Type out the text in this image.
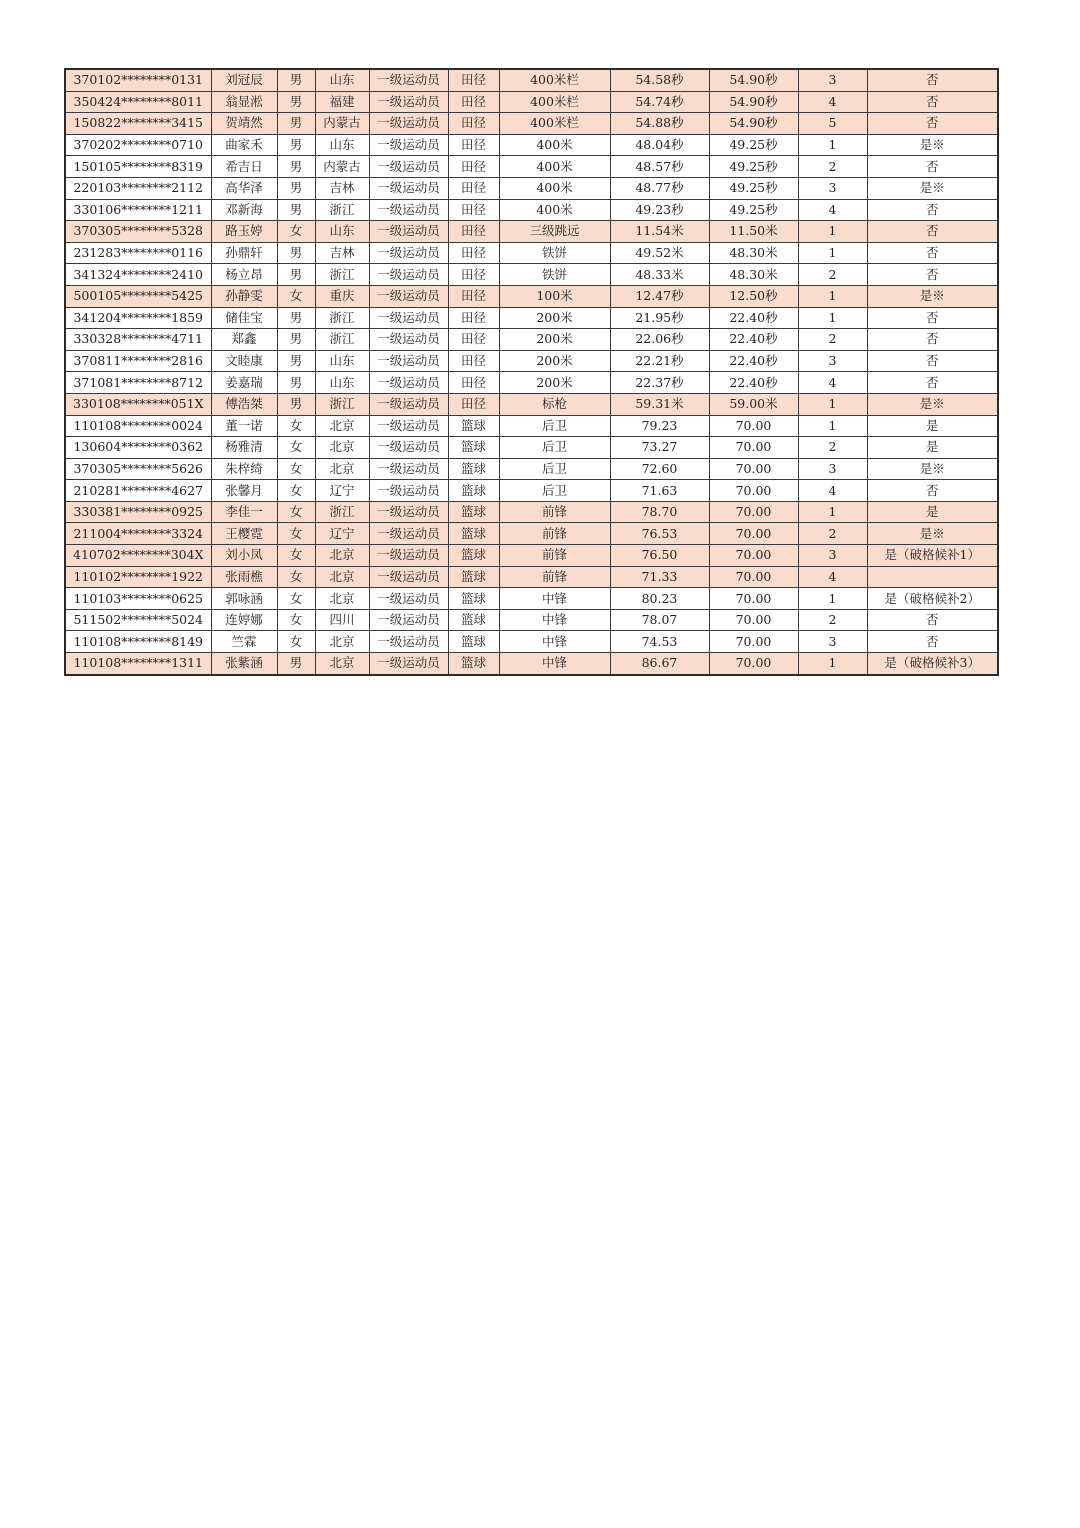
370102********0131	刘冠辰	男	山东	一级运动员	田径	400米栏	54.58秒	54.90秒	3	否
350424********8011	翁显淞	男	福建	一级运动员	田径	400米栏	54.74秒	54.90秒	4	否
150822********3415	贺靖然	男	内蒙古	一级运动员	田径	400米栏	54.88秒	54.90秒	5	否
370202********0710	曲家禾	男	山东	一级运动员	田径	400米	48.04秒	49.25秒	1	是※
150105********8319	希吉日	男	内蒙古	一级运动员	田径	400米	48.57秒	49.25秒	2	否
220103********2112	高华泽	男	吉林	一级运动员	田径	400米	48.77秒	49.25秒	3	是※
330106********1211	邓新海	男	浙江	一级运动员	田径	400米	49.23秒	49.25秒	4	否
370305********5328	路玉婷	女	山东	一级运动员	田径	三级跳远	11.54米	11.50米	1	否
231283********0116	孙鼎轩	男	吉林	一级运动员	田径	铁饼	49.52米	48.30米	1	否
341324********2410	杨立昂	男	浙江	一级运动员	田径	铁饼	48.33米	48.30米	2	否
500105********5425	孙静雯	女	重庆	一级运动员	田径	100米	12.47秒	12.50秒	1	是※
341204********1859	储佳宝	男	浙江	一级运动员	田径	200米	21.95秒	22.40秒	1	否
330328********4711	郑鑫	男	浙江	一级运动员	田径	200米	22.06秒	22.40秒	2	否
370811********2816	文睦康	男	山东	一级运动员	田径	200米	22.21秒	22.40秒	3	否
371081********8712	姜嘉瑞	男	山东	一级运动员	田径	200米	22.37秒	22.40秒	4	否
330108********051X	傅浩桀	男	浙江	一级运动员	田径	标枪	59.31米	59.00米	1	是※
110108********0024	董一诺	女	北京	一级运动员	篮球	后卫	79.23	70.00	1	是
130604********0362	杨雅清	女	北京	一级运动员	篮球	后卫	73.27	70.00	2	是
370305********5626	朱梓绮	女	北京	一级运动员	篮球	后卫	72.60	70.00	3	是※
210281********4627	张馨月	女	辽宁	一级运动员	篮球	后卫	71.63	70.00	4	否
330381********0925	李佳一	女	浙江	一级运动员	篮球	前锋	78.70	70.00	1	是
211004********3324	王樱霓	女	辽宁	一级运动员	篮球	前锋	76.53	70.00	2	是※
410702********304X	刘小凤	女	北京	一级运动员	篮球	前锋	76.50	70.00	3	是（破格候补1）
110102********1922	张雨樵	女	北京	一级运动员	篮球	前锋	71.33	70.00	4	
110103********0625	郭咏涵	女	北京	一级运动员	篮球	中锋	80.23	70.00	1	是（破格候补2）
511502********5024	连婷娜	女	四川	一级运动员	篮球	中锋	78.07	70.00	2	否
110108********8149	竺霖	女	北京	一级运动员	篮球	中锋	74.53	70.00	3	否
110108********1311	张紫涵	男	北京	一级运动员	篮球	中锋	86.67	70.00	1	是（破格候补3）
